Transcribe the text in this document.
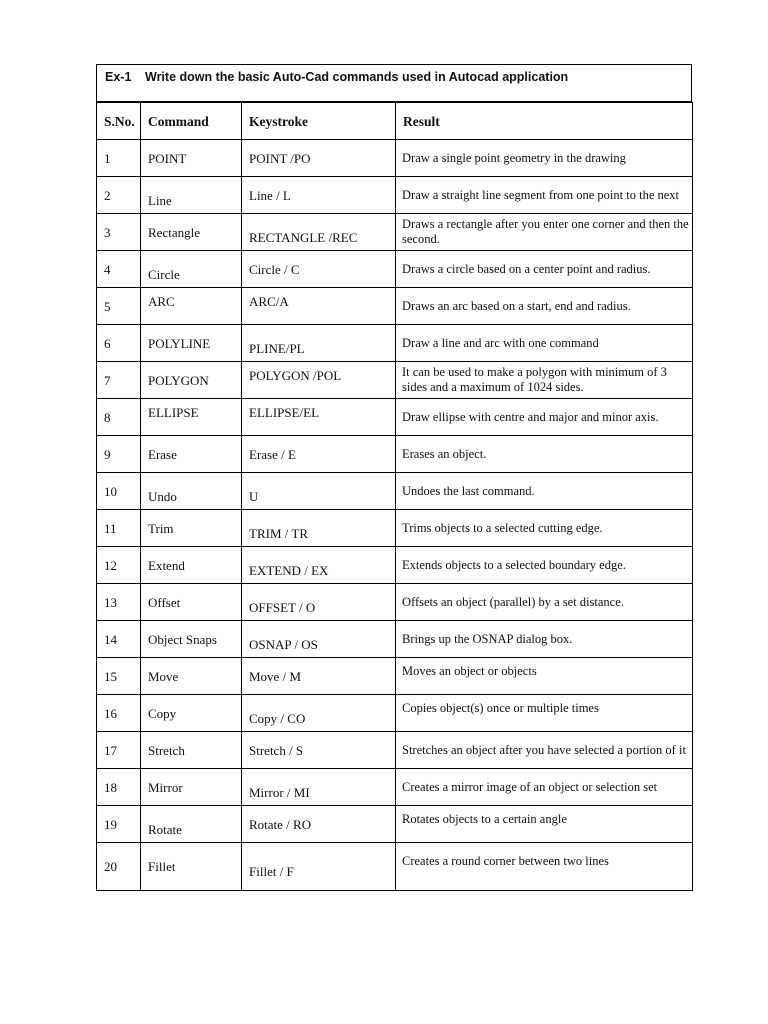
Ex-1 Write down the basic Auto-Cad commands used in Autocad application
S.No.	Command	Keystroke	Result
1	POINT	POINT /PO	Draw a single point geometry in the drawing
2	Line	Line / L	Draw a straight line segment from one point to the next
3	Rectangle	RECTANGLE /REC	Draws a rectangle after you enter one corner and then the second.
4	Circle	Circle / C	Draws a circle based on a center point and radius.
5	ARC	ARC/A	Draws an arc based on a start, end and radius.
6	POLYLINE	PLINE/PL	Draw a line and arc with one command
7	POLYGON	POLYGON /POL	It can be used to make a polygon with minimum of 3 sides and a maximum of 1024 sides.
8	ELLIPSE	ELLIPSE/EL	Draw ellipse with centre and major and minor axis.
9	Erase	Erase / E	Erases an object.
10	Undo	U	Undoes the last command.
11	Trim	TRIM / TR	Trims objects to a selected cutting edge.
12	Extend	EXTEND / EX	Extends objects to a selected boundary edge.
13	Offset	OFFSET / O	Offsets an object (parallel) by a set distance.
14	Object Snaps	OSNAP / OS	Brings up the OSNAP dialog box.
15	Move	Move / M	Moves an object or objects
16	Copy	Copy / CO	Copies object(s) once or multiple times
17	Stretch	Stretch / S	Stretches an object after you have selected a portion of it
18	Mirror	Mirror / MI	Creates a mirror image of an object or selection set
19	Rotate	Rotate / RO	Rotates objects to a certain angle
20	Fillet	Fillet / F	Creates a round corner between two lines
